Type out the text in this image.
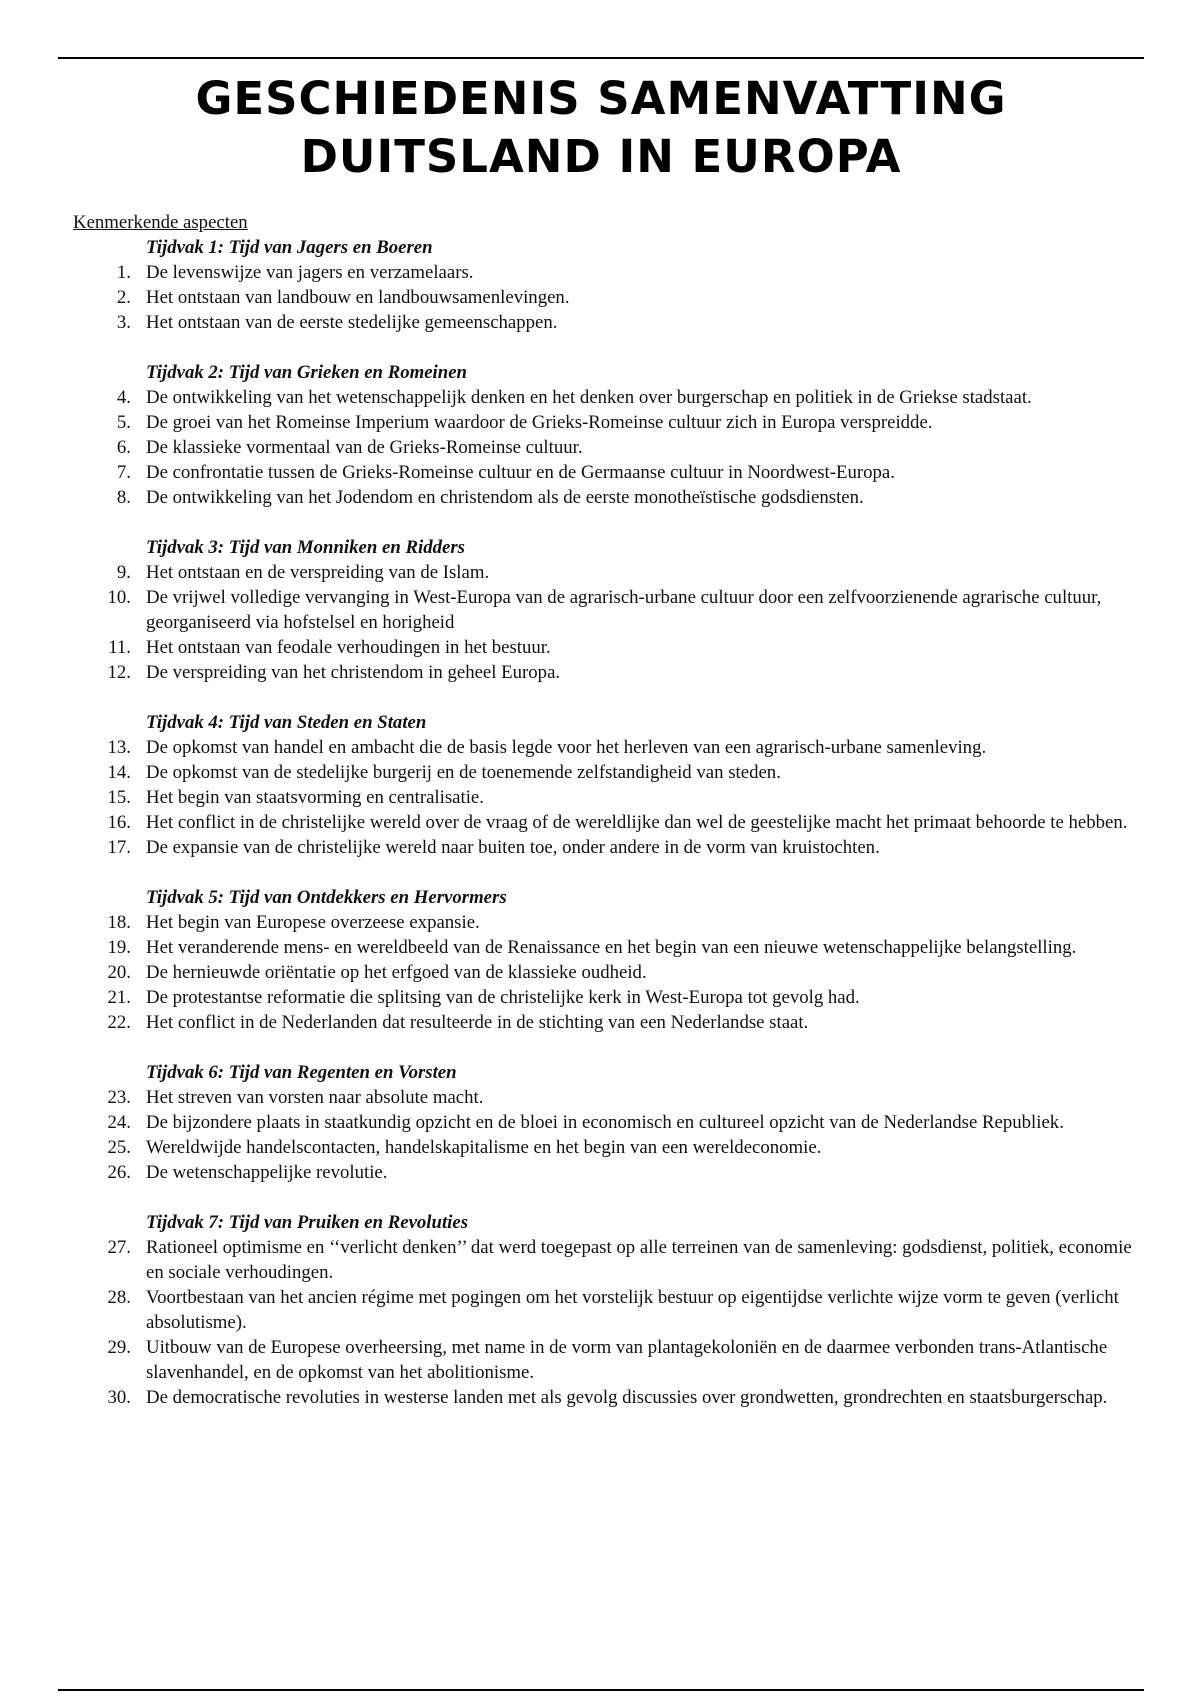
GESCHIEDENIS SAMENVATTING
DUITSLAND IN EUROPA
Kenmerkende aspecten
Tijdvak 1: Tijd van Jagers en Boeren
1. De levenswijze van jagers en verzamelaars.
2. Het ontstaan van landbouw en landbouwsamenlevingen.
3. Het ontstaan van de eerste stedelijke gemeenschappen.
Tijdvak 2: Tijd van Grieken en Romeinen
4. De ontwikkeling van het wetenschappelijk denken en het denken over burgerschap en politiek in de Griekse stadstaat.
5. De groei van het Romeinse Imperium waardoor de Grieks-Romeinse cultuur zich in Europa verspreidde.
6. De klassieke vormentaal van de Grieks-Romeinse cultuur.
7. De confrontatie tussen de Grieks-Romeinse cultuur en de Germaanse cultuur in Noordwest-Europa.
8. De ontwikkeling van het Jodendom en christendom als de eerste monotheïstische godsdiensten.
Tijdvak 3: Tijd van Monniken en Ridders
9. Het ontstaan en de verspreiding van de Islam.
10. De vrijwel volledige vervanging in West-Europa van de agrarisch-urbane cultuur door een zelfvoorzienende agrarische cultuur, georganiseerd via hofstelsel en horigheid
11. Het ontstaan van feodale verhoudingen in het bestuur.
12. De verspreiding van het christendom in geheel Europa.
Tijdvak 4: Tijd van Steden en Staten
13. De opkomst van handel en ambacht die de basis legde voor het herleven van een agrarisch-urbane samenleving.
14. De opkomst van de stedelijke burgerij en de toenemende zelfstandigheid van steden.
15. Het begin van staatsvorming en centralisatie.
16. Het conflict in de christelijke wereld over de vraag of de wereldlijke dan wel de geestelijke macht het primaat behoorde te hebben.
17. De expansie van de christelijke wereld naar buiten toe, onder andere in de vorm van kruistochten.
Tijdvak 5: Tijd van Ontdekkers en Hervormers
18. Het begin van Europese overzeese expansie.
19. Het veranderende mens- en wereldbeeld van de Renaissance en het begin van een nieuwe wetenschappelijke belangstelling.
20. De hernieuwde oriëntatie op het erfgoed van de klassieke oudheid.
21. De protestantse reformatie die splitsing van de christelijke kerk in West-Europa tot gevolg had.
22. Het conflict in de Nederlanden dat resulteerde in de stichting van een Nederlandse staat.
Tijdvak 6: Tijd van Regenten en Vorsten
23. Het streven van vorsten naar absolute macht.
24. De bijzondere plaats in staatkundig opzicht en de bloei in economisch en cultureel opzicht van de Nederlandse Republiek.
25. Wereldwijde handelscontacten, handelskapitalisme en het begin van een wereldeconomie.
26. De wetenschappelijke revolutie.
Tijdvak 7: Tijd van Pruiken en Revoluties
27. Rationeel optimisme en ‘‘verlicht denken’’ dat werd toegepast op alle terreinen van de samenleving: godsdienst, politiek, economie en sociale verhoudingen.
28. Voortbestaan van het ancien régime met pogingen om het vorstelijk bestuur op eigentijdse verlichte wijze vorm te geven (verlicht absolutisme).
29. Uitbouw van de Europese overheersing, met name in de vorm van plantagekoloniën en de daarmee verbonden trans-Atlantische slavenhandel, en de opkomst van het abolitionisme.
30. De democratische revoluties in westerse landen met als gevolg discussies over grondwetten, grondrechten en staatsburgerschap.
